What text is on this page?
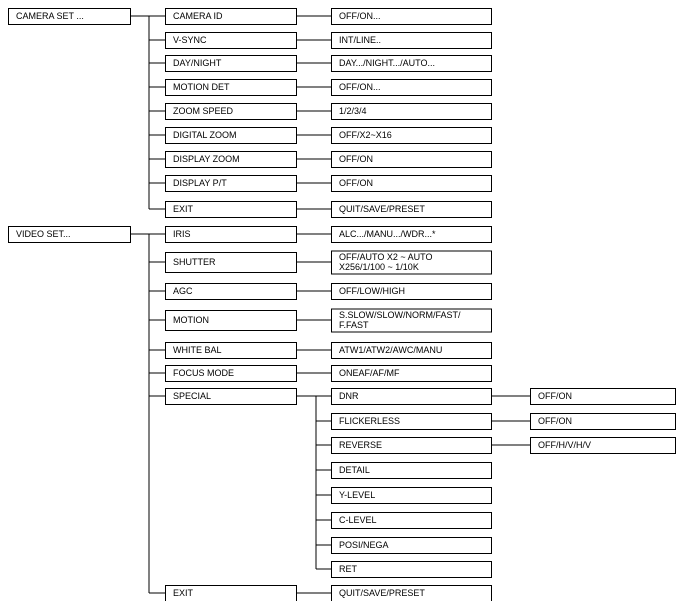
CAMERA SET ...	CAMERA ID	OFF/ON...
V-SYNC	INT/LINE..
DAY/NIGHT	DAY.../NIGHT.../AUTO...
MOTION DET	OFF/ON...
ZOOM SPEED	1/2/3/4
DIGITAL ZOOM	OFF/X2~X16
DISPLAY ZOOM	OFF/ON
DISPLAY P/T	OFF/ON
EXIT	QUIT/SAVE/PRESET
VIDEO SET...	IRIS	ALC.../MANU.../WDR...*
SHUTTER	OFF/AUTO X2 ~ AUTO
X256/1/100 ~ 1/10K
AGC	OFF/LOW/HIGH
MOTION	S.SLOW/SLOW/NORM/FAST/
F.FAST
WHITE BAL	ATW1/ATW2/AWC/MANU
FOCUS MODE	ONEAF/AF/MF
SPECIAL	DNR	OFF/ON
FLICKERLESS	OFF/ON
REVERSE	OFF/H/V/H/V
DETAIL
Y-LEVEL
C-LEVEL
POSI/NEGA
RET
EXIT	QUIT/SAVE/PRESET
